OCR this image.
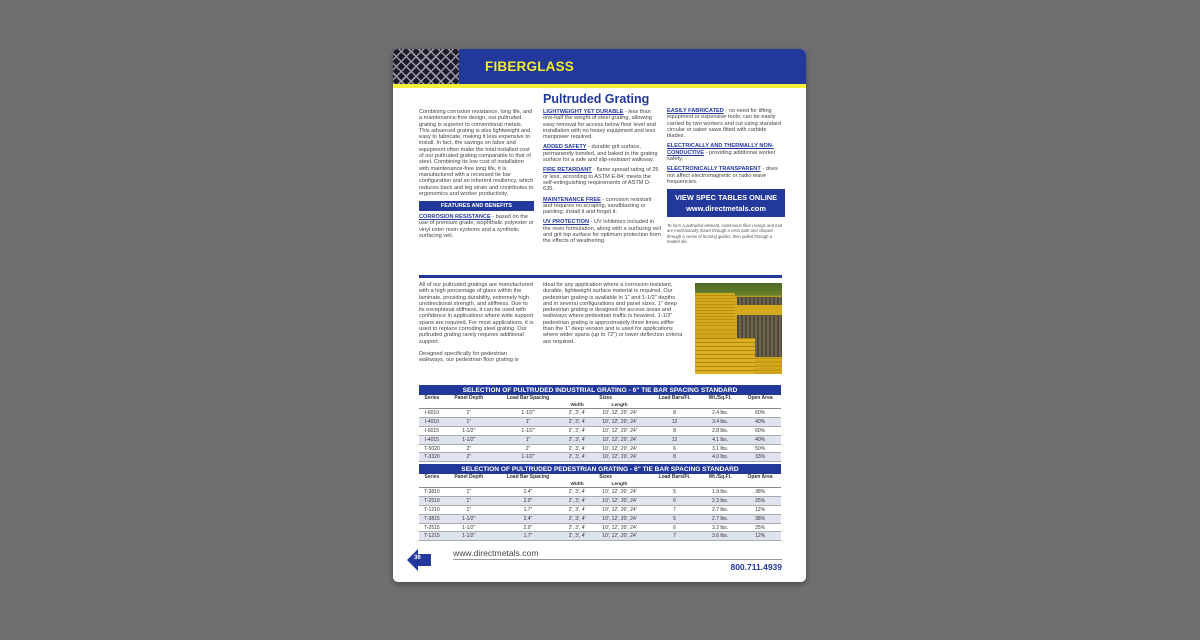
FIBERGLASS
Pultruded Grating
Combining corrosion resistance, long life, and a maintenance-free design, our pultruded grating is superior to conventional metals. This advanced grating is also lightweight and easy to fabricate, making it less expensive to install. In fact, the savings on labor and equipment often make the total installed cost of our pultruded grating comparable to that of steel. Combining its low cost of installation with maintenance-free long life, it is manufactured with a recessed tie bar configuration and an inherent resiliency, which reduces back and leg strain and contributes to ergonomics and worker productivity.
FEATURES AND BENEFITS
CORROSION RESISTANCE - based on the use of premium grade, isophthalic polyester or vinyl ester resin systems and a synthetic surfacing veil.
LIGHTWEIGHT YET DURABLE - less than one-half the weight of steel grating, allowing easy removal for access below floor level and installation with no heavy equipment and less manpower required.
ADDED SAFETY - durable grit surface, permanently bonded, and baked to the grating surface for a safe and slip-resistant walkway.
FIRE RETARDANT - flame spread rating of 25 or less, according to ASTM E-84; meets the self-extinguishing requirements of ASTM D-635.
MAINTENANCE FREE - corrosion resistant and requires no scraping, sandblasting or painting; install it and forget it.
UV PROTECTION - UV inhibitors included in the resin formulation, along with a surfacing veil and grit top surface for optimum protection from the effects of weathering.
EASILY FABRICATED - no need for lifting equipment or expensive tools; can be easily carried by two workers and cut using standard circular or saber saws fitted with carbide blades.
ELECTRICALLY AND THERMALLY NON-CONDUCTIVE - providing additional worker safety.
ELECTRONICALLY TRANSPARENT - does not affect electromagnetic or radio wave frequencies.
VIEW SPEC TABLES ONLINE
www.directmetals.com
To form a pultruded element, continuous fiber rovings and mat are mechanically drawn through a resin bath and shaped through a series of forming guides, then pulled through a heated die.
All of our pultruded gratings are manufactured with a high percentage of glass within the laminate, providing durability, extremely high unidirectional strength, and stiffness. Due to its exceptional stiffness, it can be used with confidence in applications where wide support spans are required. For most applications, it is used to replace corroding steel grating. Our pultruded grating rarely requires additional support.
Designed specifically for pedestrian walkways, our pedestrian floor grating is
ideal for any application where a corrosion-resistant, durable, lightweight surface material is required. Our pedestrian grating is available in 1" and 1-1/2" depths and in several configurations and panel sizes. 1" deep pedestrian grating is designed for access areas and walkways where pedestrian traffic is heaviest. 1-1/2" pedestrian grating is approximately three times stiffer than the 1" deep version and is used for applications where wider spans (up to 72") or lower deflection criteria are required.
SELECTION OF PULTRUDED INDUSTRIAL GRATING - 6" TIE BAR SPACING STANDARD							
Series	Panel Depth	Load Bar Spacing	Sizes		Load Bars/Ft.	Wt./Sq.Ft.	Open Area
			Width	Length			
I-6010	1"	1-1/2"	2', 3', 4'	10', 12', 20', 24'	8	2.4 lbs.	60%
I-4010	1"	1"	2', 3', 4'	10', 12', 20', 24'	12	3.4 lbs.	40%
I-6015	1-1/2"	1-1/2"	2', 3', 4'	10', 12', 20', 24'	8	2.8 lbs.	60%
I-4015	1-1/2"	1"	2', 3', 4'	10', 12', 20', 24'	12	4.1 lbs.	40%
T-5020	2"	2"	2', 3', 4'	10', 12', 20', 24'	6	3.1 lbs.	50%
T-3320	2"	1-1/2"	2', 3', 4'	10', 12', 20', 24'	8	4.0 lbs.	33%
SELECTION OF PULTRUDED PEDESTRIAN GRATING - 6" TIE BAR SPACING STANDARD							
Series	Panel Depth	Load Bar Spacing	Sizes		Load Bars/Ft.	Wt./Sq.Ft.	Open Area
			Width	Length			
T-3810	1"	2.4"	2', 3', 4'	10', 12', 20', 24'	5	1.9 lbs.	38%
T-2510	1"	2.0"	2', 3', 4'	10', 12', 20', 24'	6	2.3 lbs.	25%
T-1210	1"	1.7"	2', 3', 4'	10', 12', 20', 24'	7	2.7 lbs.	12%
T-3815	1-1/2"	2.4"	2', 3', 4'	10', 12', 20', 24'	5	2.7 lbs.	38%
T-2515	1-1/2"	2.0"	2', 3', 4'	10', 12', 20', 24'	6	3.2 lbs.	25%
T-1215	1-1/2"	1.7"	2', 3', 4'	10', 12', 20', 24'	7	3.6 lbs.	12%
36	www.directmetals.com
800.711.4939
